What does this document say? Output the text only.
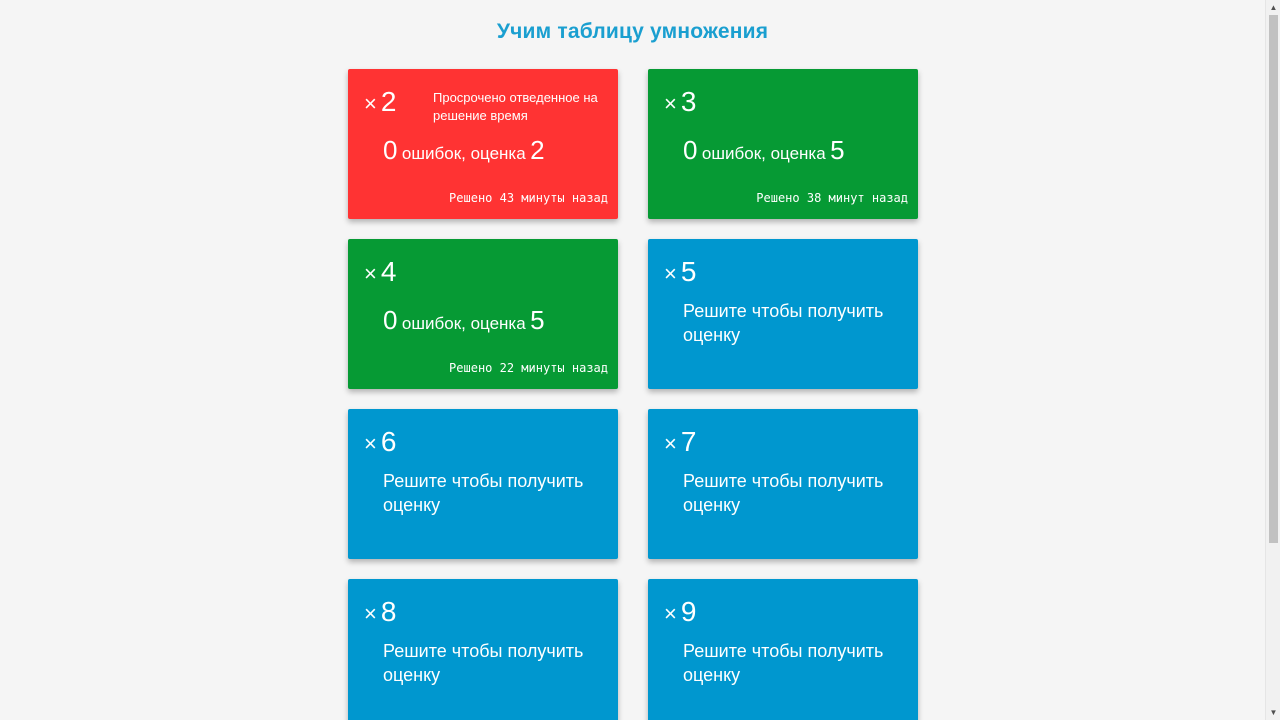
Учим таблицу умножения
× 2	Просрочено отведенное на решение время
0 ошибок, оценка 2
Решено 43 минуты назад
× 3
0 ошибок, оценка 5
Решено 38 минут назад
× 4
0 ошибок, оценка 5
Решено 22 минуты назад
× 5
Решите чтобы получить оценку
× 6
Решите чтобы получить оценку
× 7
Решите чтобы получить оценку
× 8
Решите чтобы получить оценку
× 9
Решите чтобы получить оценку
▲
▼
